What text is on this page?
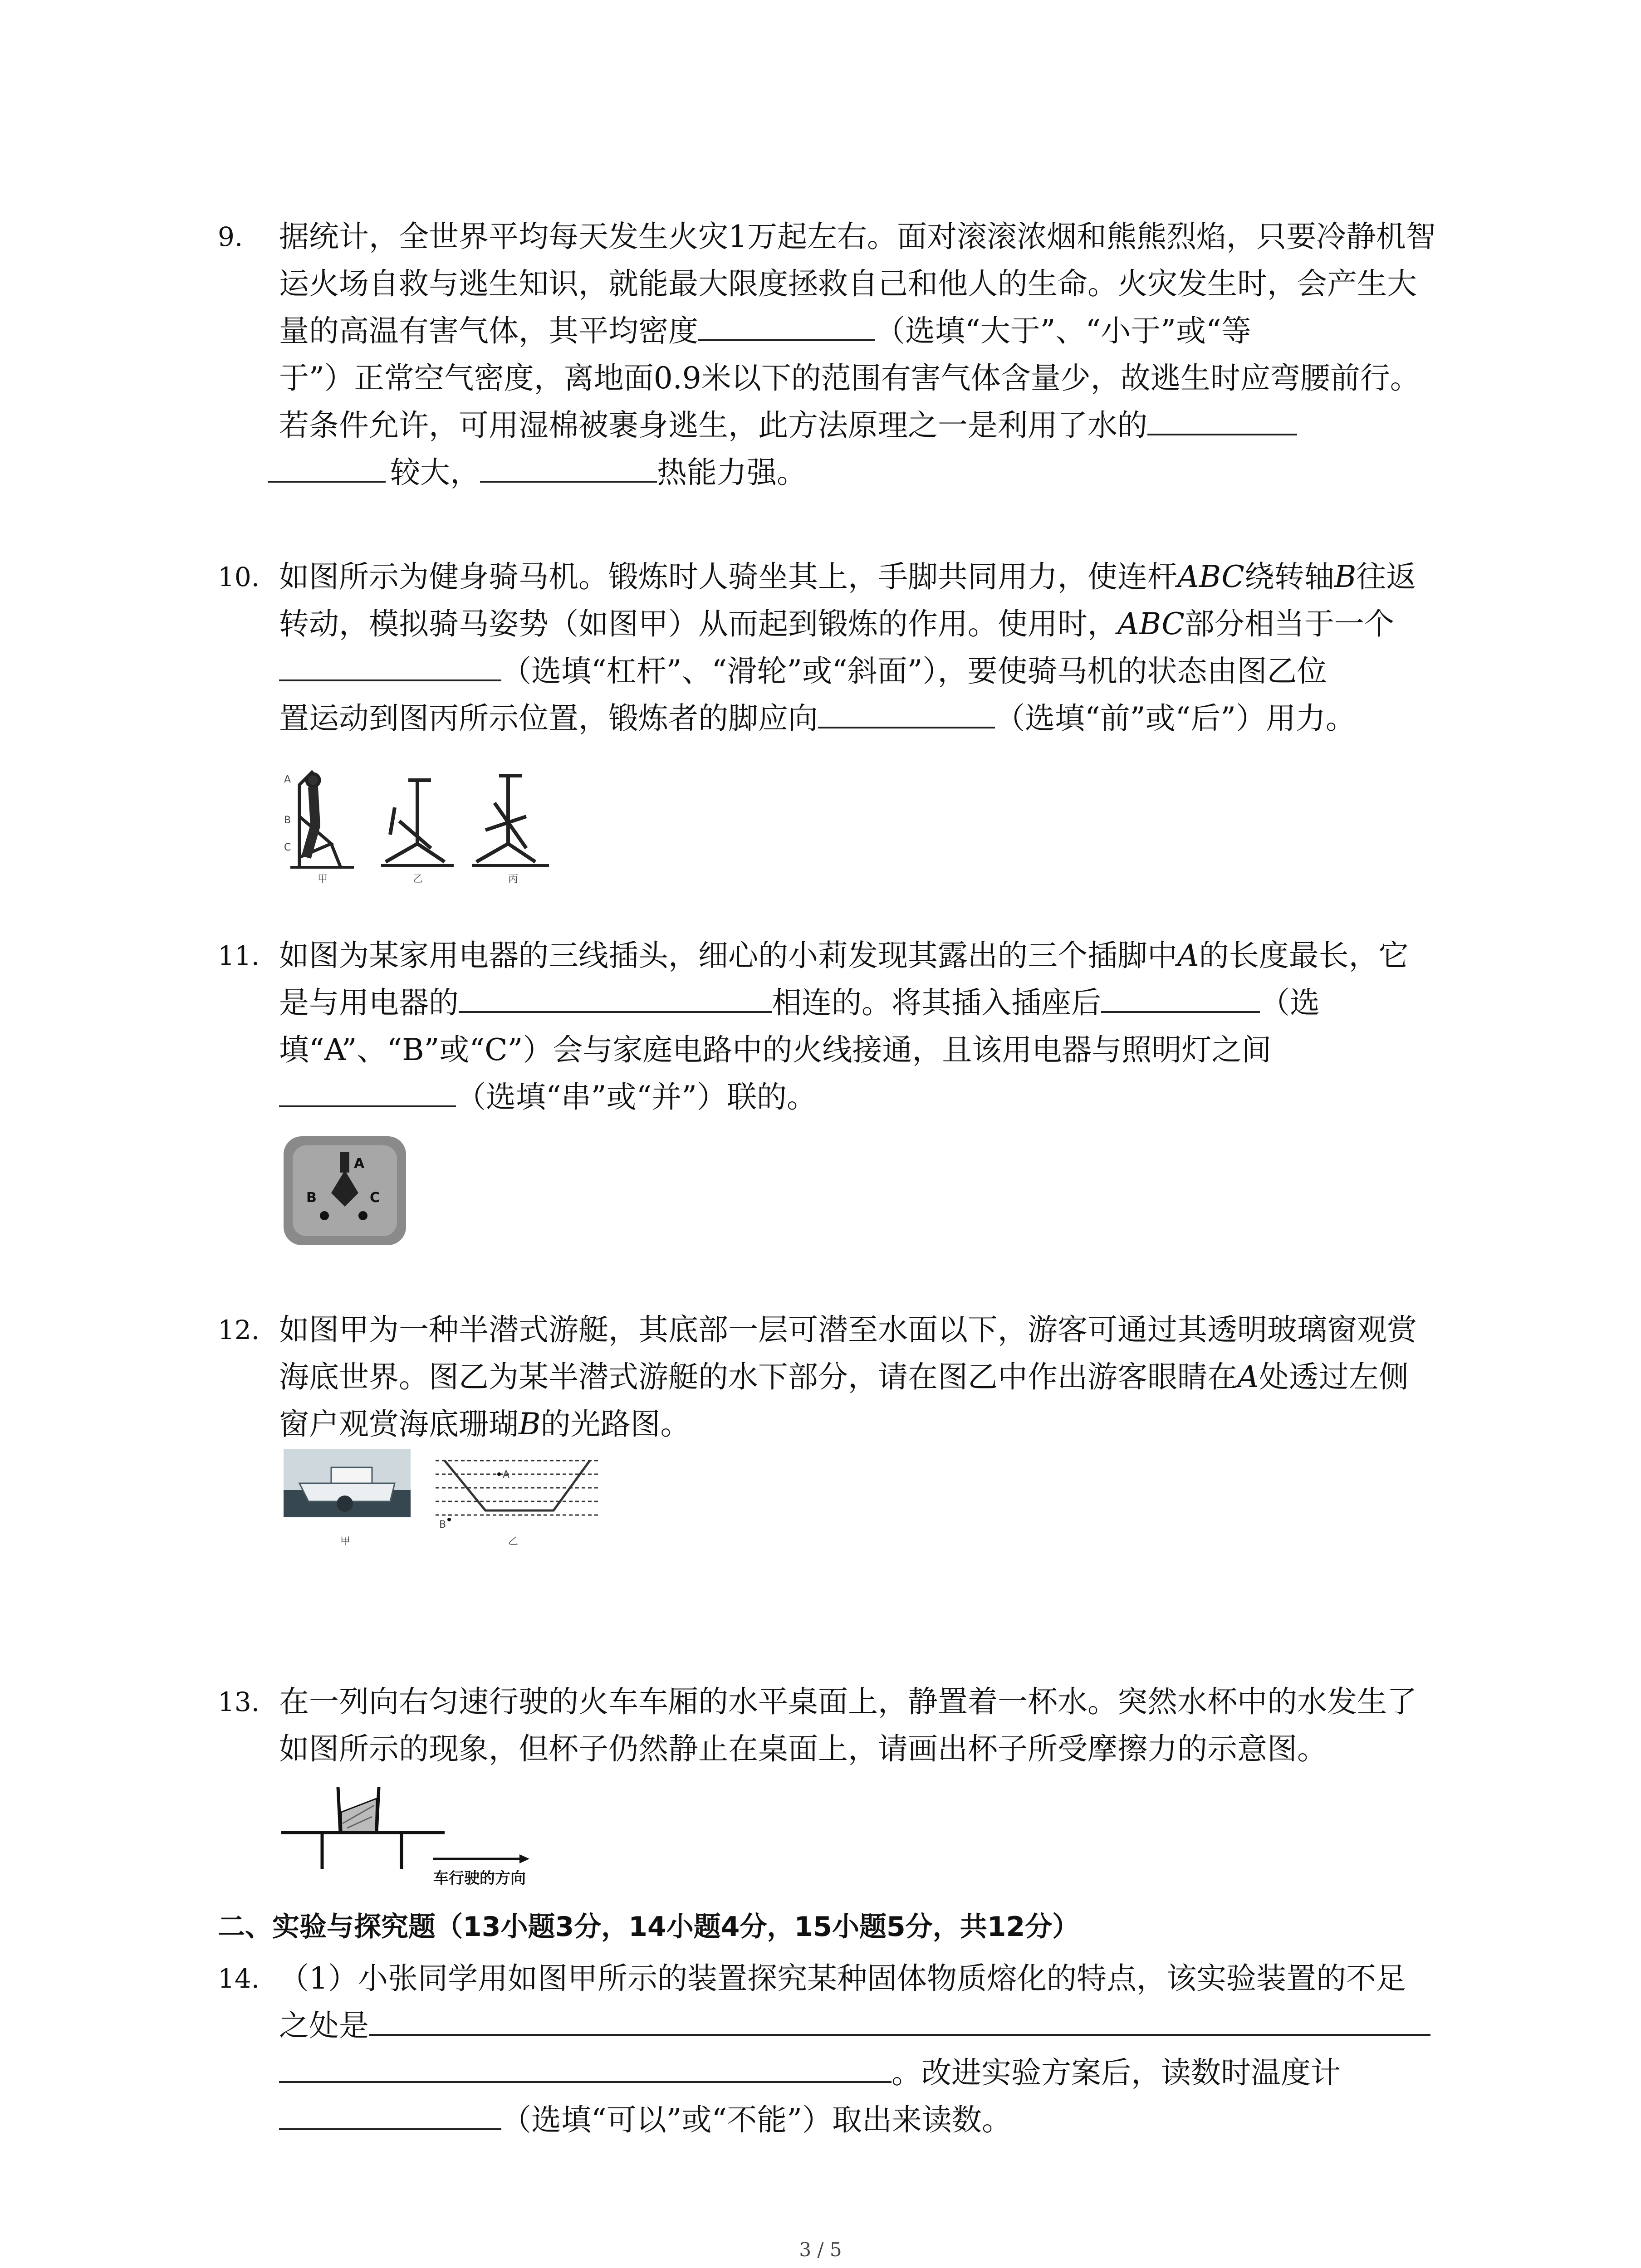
9. 据统计，全世界平均每天发生火灾1万起左右。面对滚滚浓烟和熊熊烈焰，只要冷静机智
运火场自救与逃生知识，就能最大限度拯救自己和他人的生命。火灾发生时，会产生大
量的高温有害气体，其平均密度	（选填“大于”、“小于”或“等
于”）正常空气密度，离地面0.9米以下的范围有害气体含量少，故逃生时应弯腰前行。
若条件允许，可用湿棉被裹身逃生，此方法原理之一是利用了水的
较大，	热能力强。
10. 如图所示为健身骑马机。锻炼时人骑坐其上，手脚共同用力，使连杆ABC绕转轴B往返
转动，模拟骑马姿势（如图甲）从而起到锻炼的作用。使用时，ABC部分相当于一个
（选填“杠杆”、“滑轮”或“斜面”），要使骑马机的状态由图乙位
置运动到图丙所示位置，锻炼者的脚应向	（选填“前”或“后”）用力。
A
B
C
甲	乙	丙
11. 如图为某家用电器的三线插头，细心的小莉发现其露出的三个插脚中A的长度最长，它
是与用电器的	相连的。将其插入插座后	（选
填“A”、“B”或“C”）会与家庭电路中的火线接通，且该用电器与照明灯之间
（选填“串”或“并”）联的。
A
B	C
12. 如图甲为一种半潜式游艇，其底部一层可潜至水面以下，游客可通过其透明玻璃窗观赏
海底世界。图乙为某半潜式游艇的水下部分，请在图乙中作出游客眼睛在A处透过左侧
窗户观赏海底珊瑚B的光路图。
甲
A
B
乙
13. 在一列向右匀速行驶的火车车厢的水平桌面上，静置着一杯水。突然水杯中的水发生了
如图所示的现象，但杯子仍然静止在桌面上，请画出杯子所受摩擦力的示意图。
车行驶的方向
二、实验与探究题（13小题3分，14小题4分，15小题5分，共12分）
14. （1）小张同学用如图甲所示的装置探究某种固体物质熔化的特点，该实验装置的不足
之处是
。改进实验方案后，读数时温度计
（选填“可以”或“不能”）取出来读数。
3 / 5
